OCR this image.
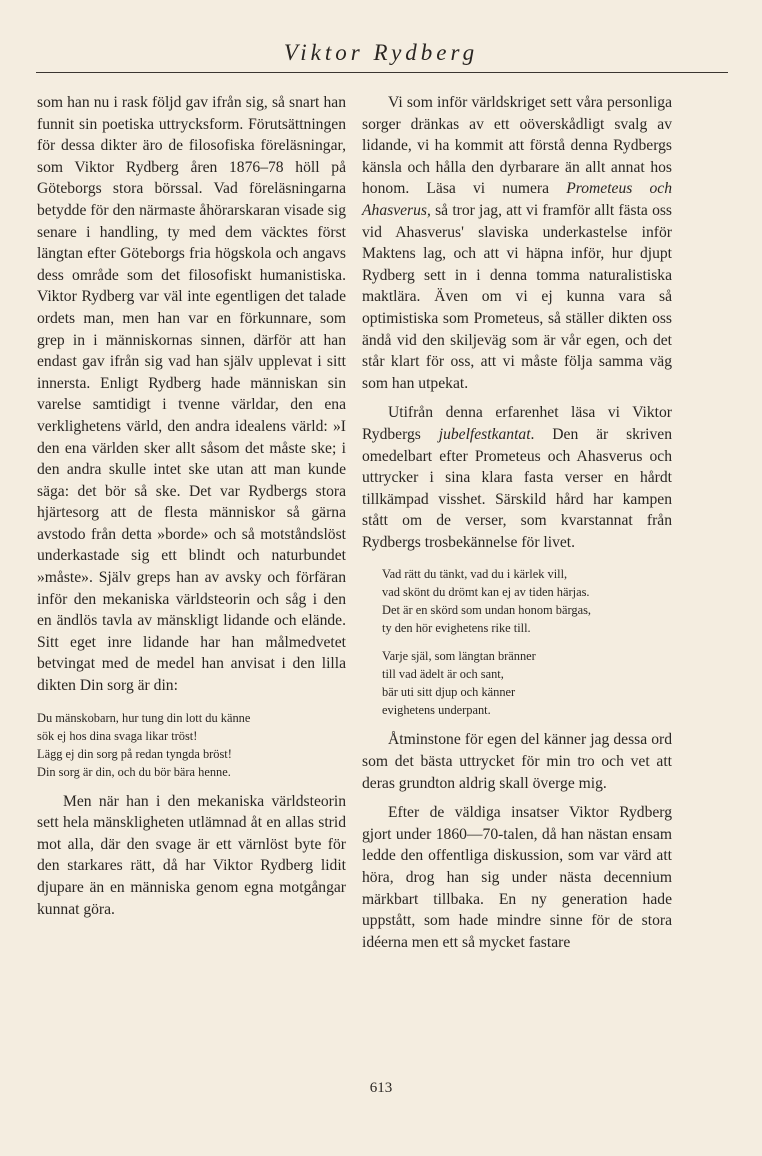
Viktor Rydberg

som han nu i rask följd gav ifrån sig, så snart han funnit sin poetiska uttrycksform. Förutsättningen för dessa dikter äro de filosofiska föreläsningar, som Viktor Rydberg åren 1876–78 höll på Göteborgs stora börssal. Vad föreläsningarna betydde för den närmaste åhörarskaran visade sig senare i handling, ty med dem väcktes först längtan efter Göteborgs fria högskola och angavs dess område som det filosofiskt humanistiska. Viktor Rydberg var väl inte egentligen det talade ordets man, men han var en förkunnare, som grep in i människornas sinnen, därför att han endast gav ifrån sig vad han själv upplevat i sitt innersta. Enligt Rydberg hade människan sin varelse samtidigt i tvenne världar, den ena verklighetens värld, den andra idealens värld: »I den ena världen sker allt såsom det måste ske; i den andra skulle intet ske utan att man kunde säga: det bör så ske. Det var Rydbergs stora hjärtesorg att de flesta människor så gärna avstodo från detta »borde» och så motståndslöst underkastade sig ett blindt och naturbundet »måste». Själv greps han av avsky och förfäran inför den mekaniska världsteorin och såg i den en ändlös tavla av mänskligt lidande och elände. Sitt eget inre lidande har han målmedvetet betvingat med de medel han anvisat i den lilla dikten Din sorg är din:

Du mänskobarn, hur tung din lott du känne
sök ej hos dina svaga likar tröst!
Lägg ej din sorg på redan tyngda bröst!
Din sorg är din, och du bör bära henne.

Men när han i den mekaniska världsteorin sett hela mänskligheten utlämnad åt en allas strid mot alla, där den svage är ett värnlöst byte för den starkares rätt, då har Viktor Rydberg lidit djupare än en människa genom egna motgångar kunnat göra.

Vi som inför världskriget sett våra personliga sorger dränkas av ett oöverskådligt svalg av lidande, vi ha kommit att förstå denna Rydbergs känsla och hålla den dyrbarare än allt annat hos honom. Läsa vi numera Prometeus och Ahasverus, så tror jag, att vi framför allt fästa oss vid Ahasverus' slaviska underkastelse inför Maktens lag, och att vi häpna inför, hur djupt Rydberg sett in i denna tomma naturalistiska maktlära. Även om vi ej kunna vara så optimistiska som Prometeus, så ställer dikten oss ändå vid den skiljeväg som är vår egen, och det står klart för oss, att vi måste följa samma väg som han utpekat.

Utifrån denna erfarenhet läsa vi Viktor Rydbergs jubelfestkantat. Den är skriven omedelbart efter Prometeus och Ahasverus och uttrycker i sina klara fasta verser en hårdt tillkämpad visshet. Särskild hård har kampen stått om de verser, som kvarstannat från Rydbergs trosbekännelse för livet.

Vad rätt du tänkt, vad du i kärlek vill,
vad skönt du drömt kan ej av tiden härjas.
Det är en skörd som undan honom bärgas,
ty den hör evighetens rike till.
Varje själ, som längtan bränner
till vad ädelt är och sant,
bär uti sitt djup och känner
evighetens underpant.

Åtminstone för egen del känner jag dessa ord som det bästa uttrycket för min tro och vet att deras grundton aldrig skall överge mig.

Efter de väldiga insatser Viktor Rydberg gjort under 1860—70-talen, då han nästan ensam ledde den offentliga diskussion, som var värd att höra, drog han sig under nästa decennium märkbart tillbaka. En ny generation hade uppstått, som hade mindre sinne för de stora idéerna men ett så mycket fastare

613
